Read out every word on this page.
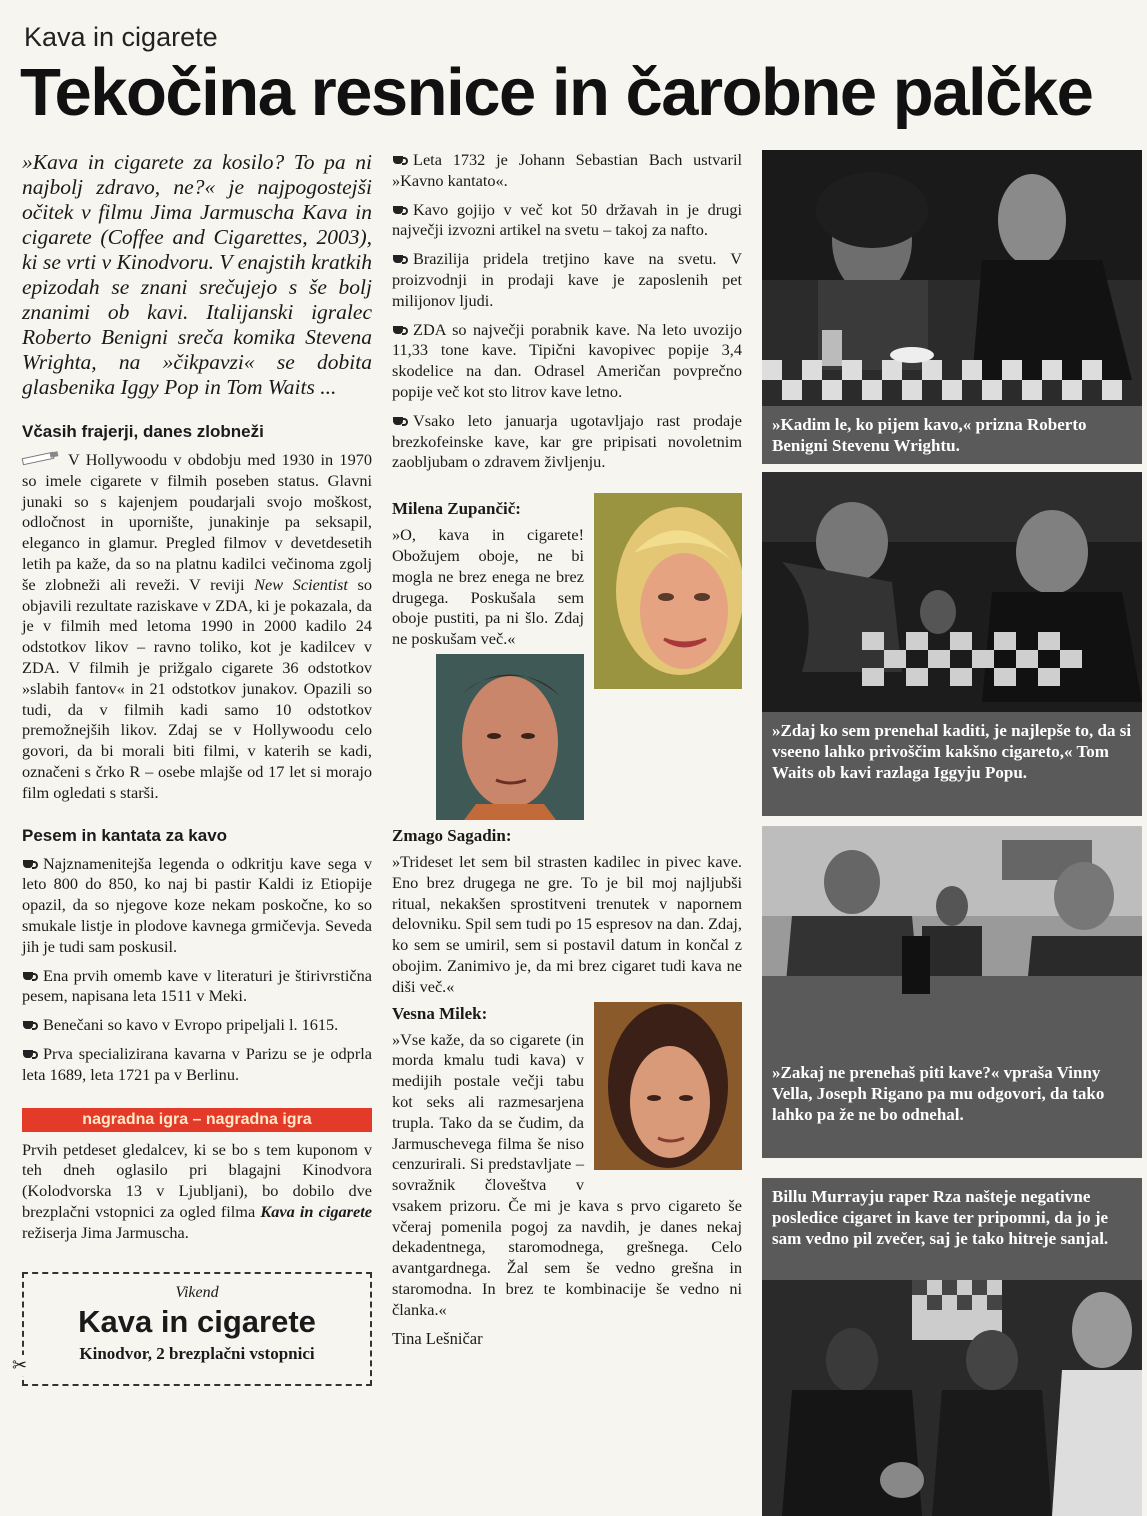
Kava in cigarete
Tekočina resnice in čarobne palčke

»Kava in cigarete za kosilo? To pa ni najbolj zdravo, ne?« je najpogostejši očitek v filmu Jima Jarmuscha Kava in cigarete (Coffee and Cigarettes, 2003), ki se vrti v Kinodvoru. V enajstih kratkih epizodah se znani srečujejo s še bolj znanimi ob kavi. Italijanski igralec Roberto Benigni sreča komika Stevena Wrighta, na »čikpavzi« se dobita glasbenika Iggy Pop in Tom Waits ...

Včasih frajerji, danes zlobneži

V Hollywoodu v obdobju med 1930 in 1970 so imele cigarete v filmih poseben status. Glavni junaki so s kajenjem poudarjali svojo moškost, odločnost in upornište, junakinje pa seksapil, eleganco in glamur. Pregled filmov v devetdesetih letih pa kaže, da so na platnu kadilci večinoma zgolj še zlobneži ali reveži. V reviji New Scientist so objavili rezultate raziskave v ZDA, ki je pokazala, da je v filmih med letoma 1990 in 2000 kadilo 24 odstotkov likov – ravno toliko, kot je kadilcev v ZDA. V filmih je prižgalo cigarete 36 odstotkov »slabih fantov« in 21 odstotkov junakov. Opazili so tudi, da v filmih kadi samo 10 odstotkov premožnejših likov. Zdaj se v Hollywoodu celo govori, da bi morali biti filmi, v katerih se kadi, označeni s črko R – osebe mlajše od 17 let si morajo film ogledati s starši.

Pesem in kantata za kavo

Najznamenitejša legenda o odkritju kave sega v leto 800 do 850, ko naj bi pastir Kaldi iz Etiopije opazil, da so njegove koze nekam poskočne, ko so smukale listje in plodove kavnega grmičevja. Seveda jih je tudi sam poskusil.

Ena prvih omemb kave v literaturi je štirivrstična pesem, napisana leta 1511 v Meki.

Benečani so kavo v Evropo pripeljali l. 1615.

Prva specializirana kavarna v Parizu se je odprla leta 1689, leta 1721 pa v Berlinu.

nagradna igra – nagradna igra

Prvih petdeset gledalcev, ki se bo s tem kuponom v teh dneh oglasilo pri blagajni Kinodvora (Kolodvorska 13 v Ljubljani), bo dobilo dve brezplačni vstopnici za ogled filma Kava in cigarete režiserja Jima Jarmuscha.

Vikend
Kava in cigarete
Kinodvor, 2 brezplačni vstopnici
✂

Leta 1732 je Johann Sebastian Bach ustvaril »Kavno kantato«.

Kavo gojijo v več kot 50 državah in je drugi največji izvozni artikel na svetu – takoj za nafto.

Brazilija pridela tretjino kave na svetu. V proizvodnji in prodaji kave je zaposlenih pet milijonov ljudi.

ZDA so največji porabnik kave. Na leto uvozijo 11,33 tone kave. Tipični kavopivec popije 3,4 skodelice na dan. Odrasel Američan povprečno popije več kot sto litrov kave letno.

Vsako leto januarja ugotavljajo rast prodaje brezkofeinske kave, kar gre pripisati novoletnim zaobljubam o zdravem življenju.

Milena Zupančič:

»O, kava in cigarete! Obožujem oboje, ne bi mogla ne brez enega ne brez drugega. Poskušala sem oboje pustiti, pa ni šlo. Zdaj ne poskušam več.«

Zmago Sagadin:

»Trideset let sem bil strasten kadilec in pivec kave. Eno brez drugega ne gre. To je bil moj najljubši ritual, nekakšen sprostitveni trenutek v napornem delovniku. Spil sem tudi po 15 espresov na dan. Zdaj, ko sem se umiril, sem si postavil datum in končal z obojim. Zanimivo je, da mi brez cigaret tudi kava ne diši več.«

Vesna Milek:

»Vse kaže, da so cigarete (in morda kmalu tudi kava) v medijih postale večji tabu kot seks ali razmesarjena trupla. Tako da se čudim, da Jarmuschevega filma še niso cenzurirali. Si predstavljate – sovražnik človeštva v vsakem prizoru. Če mi je kava s prvo cigareto še včeraj pomenila pogoj za navdih, je danes nekaj dekadentnega, staromodnega, grešnega. Celo avantgardnega. Žal sem še vedno grešna in staromodna. In brez te kombinacije še vedno ni članka.«

Tina Lešničar
»Kadim le, ko pijem kavo,« prizna Roberto Benigni Stevenu Wrightu.
»Zdaj ko sem prenehal kaditi, je najlepše to, da si vseeno lahko privoščim kakšno cigareto,« Tom Waits ob kavi razlaga Iggyju Popu.
»Zakaj ne prenehaš piti kave?« vpraša Vinny Vella, Joseph Rigano pa mu odgovori, da tako lahko pa že ne bo odnehal.
Billu Murrayju raper Rza našteje negativne posledice cigaret in kave ter pripomni, da jo je sam vedno pil zvečer, saj je tako hitreje sanjal.
